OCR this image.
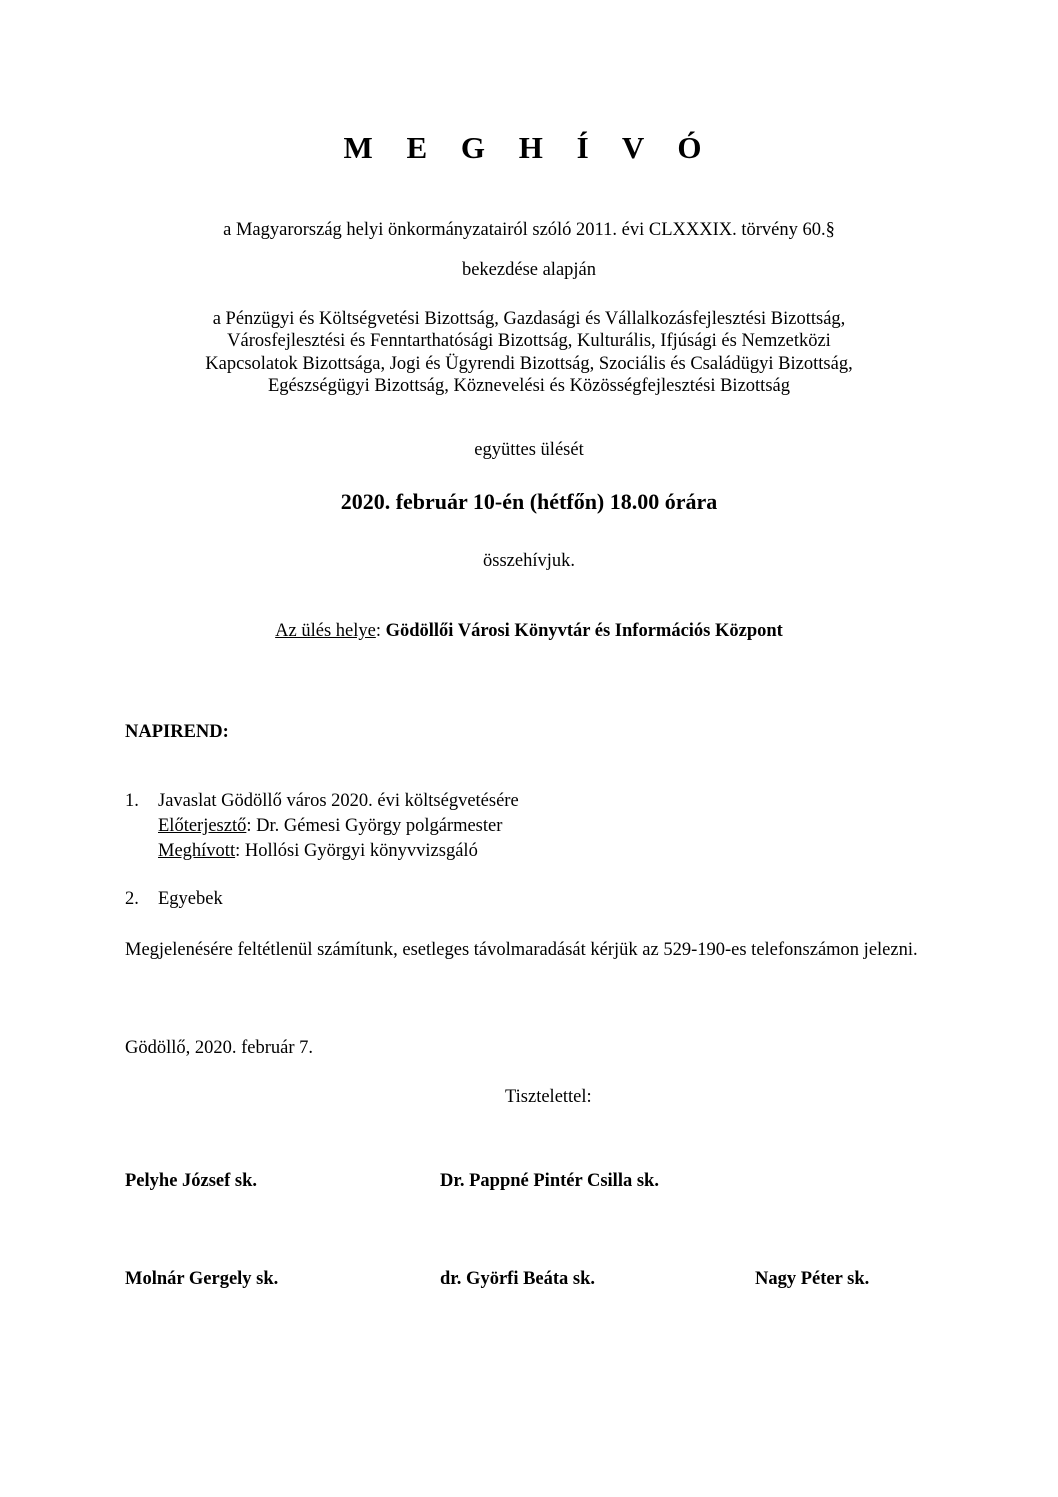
M E G H Í V Ó
a Magyarország helyi önkormányzatairól szóló 2011. évi CLXXXIX. törvény 60.§
bekezdése alapján
a Pénzügyi és Költségvetési Bizottság, Gazdasági és Vállalkozásfejlesztési Bizottság,
Városfejlesztési és Fenntarthatósági Bizottság, Kulturális, Ifjúsági és Nemzetközi
Kapcsolatok Bizottsága, Jogi és Ügyrendi Bizottság, Szociális és Családügyi Bizottság,
Egészségügyi Bizottság, Köznevelési és Közösségfejlesztési Bizottság
együttes ülését
2020. február 10-én (hétfőn) 18.00 órára
összehívjuk.
Az ülés helye: Gödöllői Városi Könyvtár és Információs Központ
NAPIREND:
1. Javaslat Gödöllő város 2020. évi költségvetésére
Előterjesztő: Dr. Gémesi György polgármester
Meghívott: Hollósi Györgyi könyvvizsgáló
2. Egyebek
Megjelenésére feltétlenül számítunk, esetleges távolmaradását kérjük az 529-190-es telefonszámon jelezni.
Gödöllő, 2020. február 7.
Tisztelettel:
Pelyhe József sk.	Dr. Pappné Pintér Csilla sk.
Molnár Gergely sk.	dr. Györfi Beáta sk.	Nagy Péter sk.
